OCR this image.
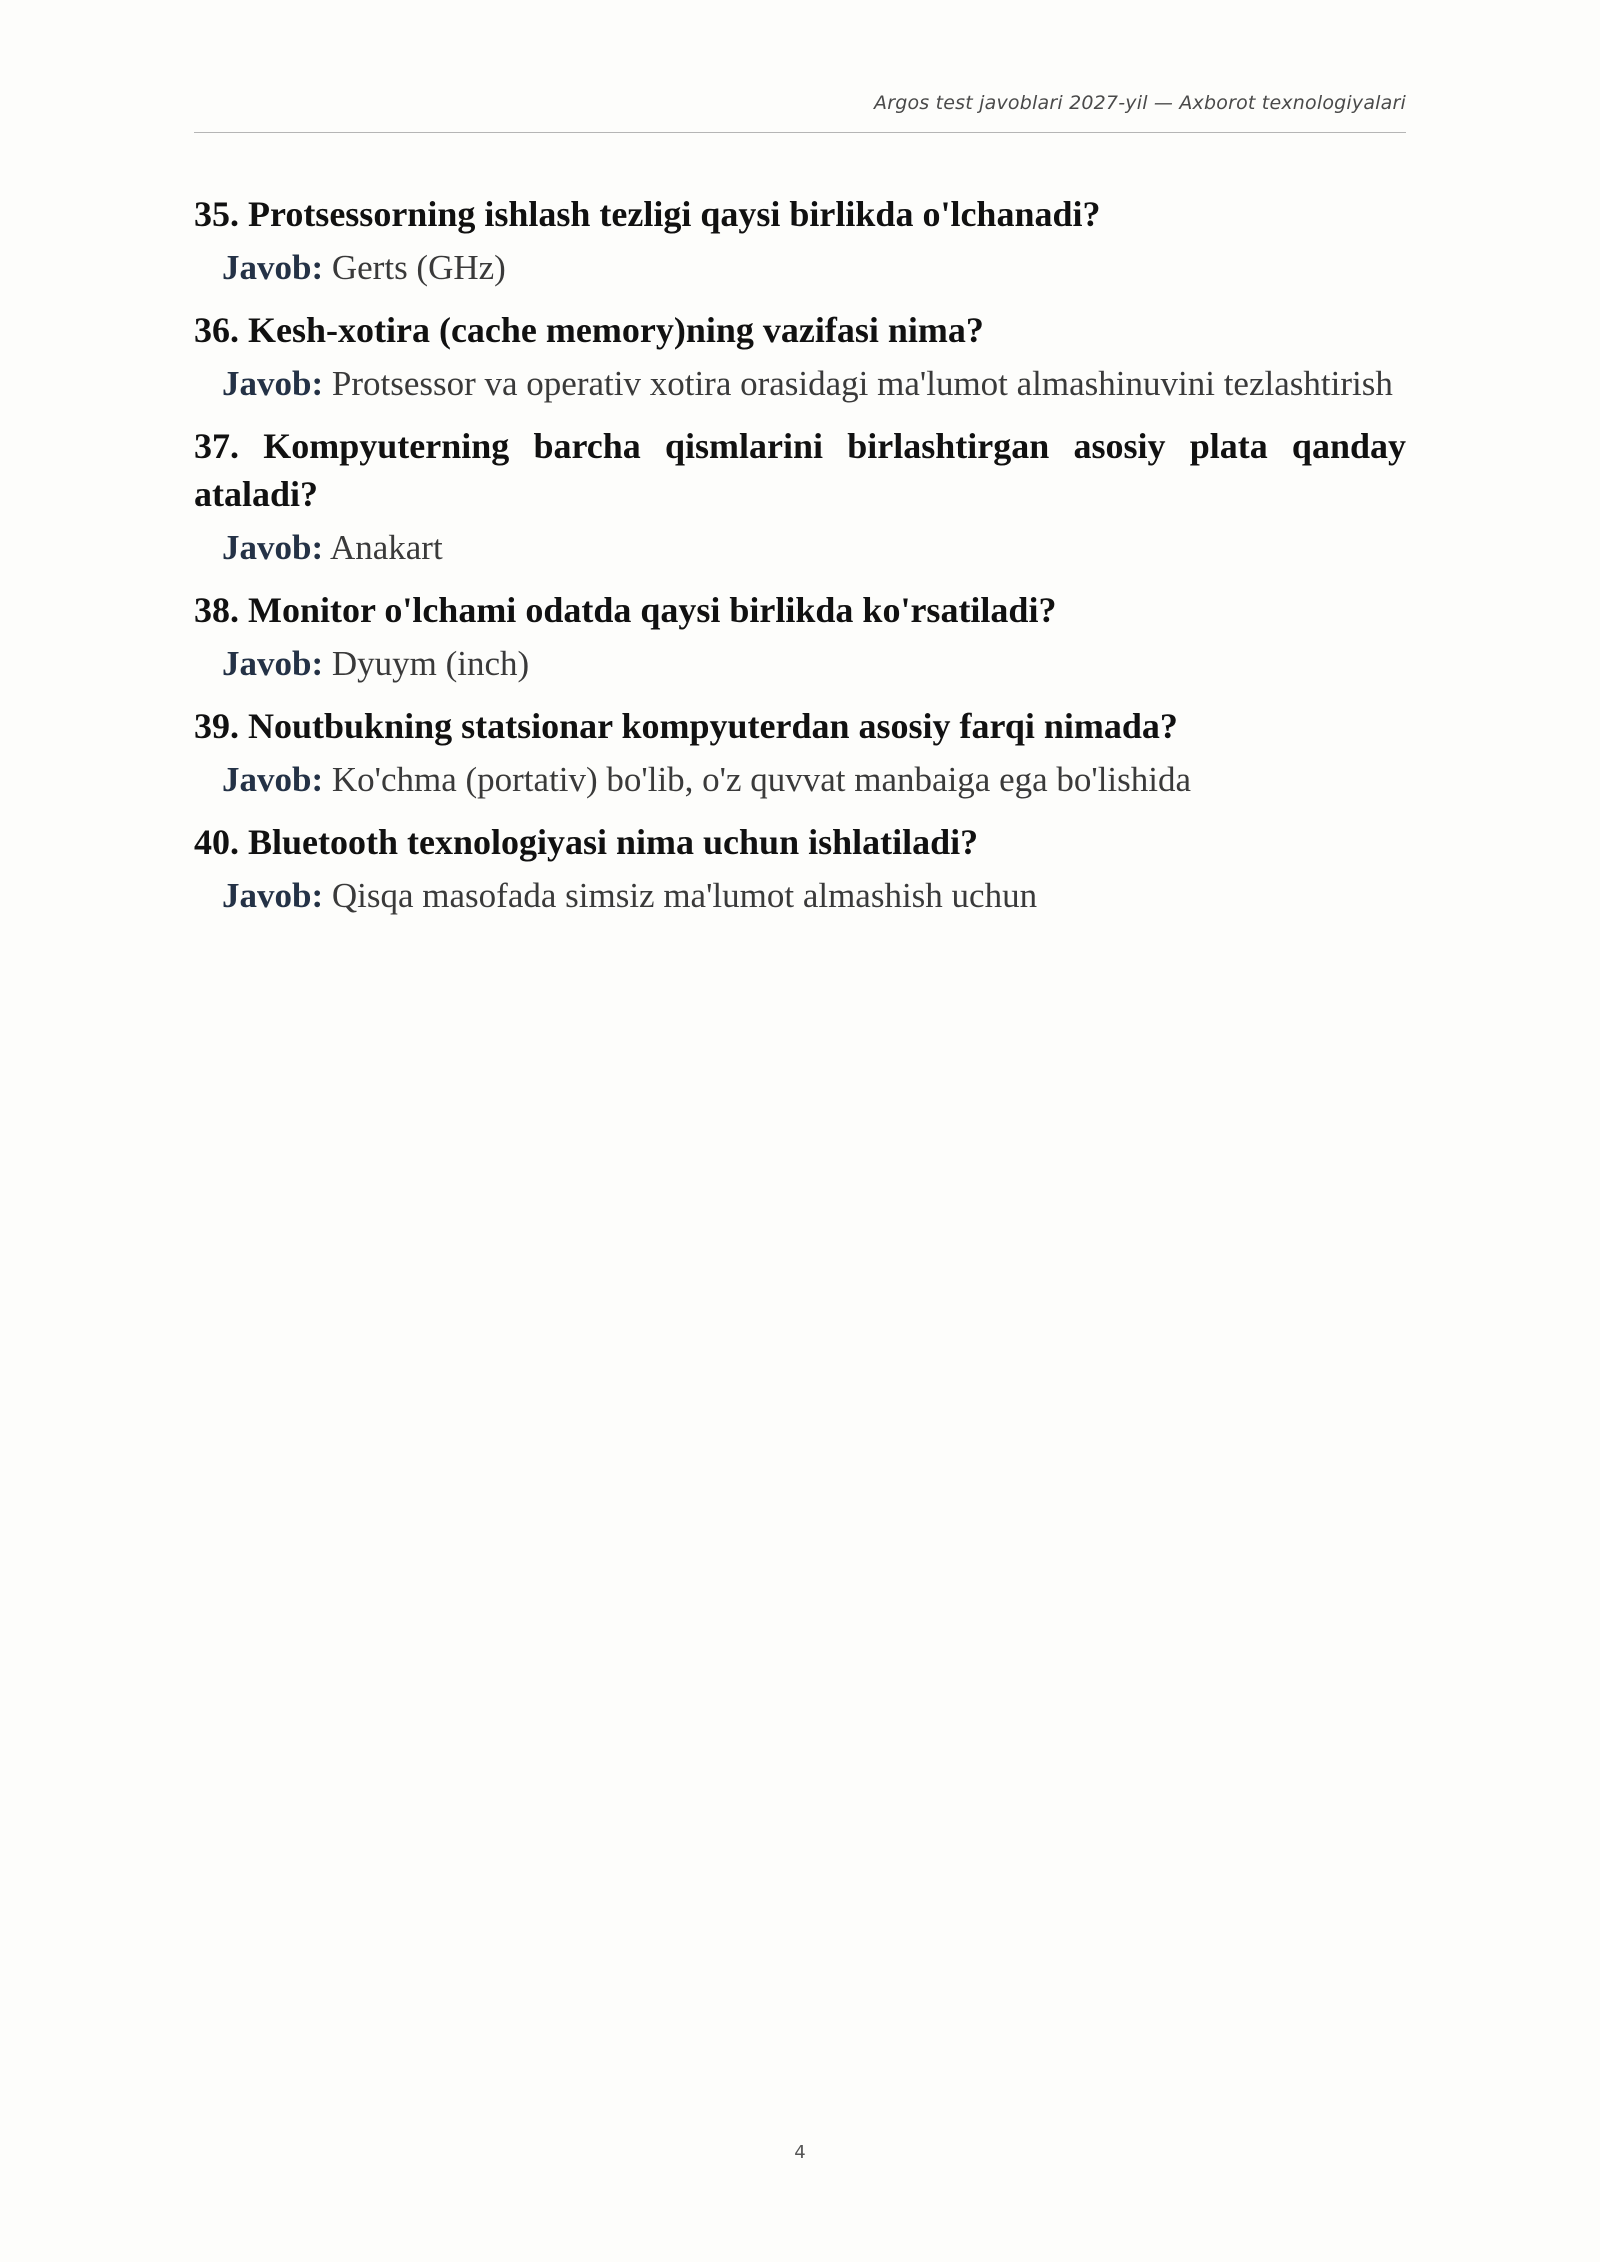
Argos test javoblari 2027-yil — Axborot texnologiyalari

35. Protsessorning ishlash tezligi qaysi birlikda o'lchanadi?

Javob: Gerts (GHz)

36. Kesh-xotira (cache memory)ning vazifasi nima?

Javob: Protsessor va operativ xotira orasidagi ma'lumot almashinuvini tezlashtirish

37. Kompyuterning barcha qismlarini birlashtirgan asosiy plata qanday ataladi?

Javob: Anakart

38. Monitor o'lchami odatda qaysi birlikda ko'rsatiladi?

Javob: Dyuym (inch)

39. Noutbukning statsionar kompyuterdan asosiy farqi nimada?

Javob: Ko'chma (portativ) bo'lib, o'z quvvat manbaiga ega bo'lishida

40. Bluetooth texnologiyasi nima uchun ishlatiladi?

Javob: Qisqa masofada simsiz ma'lumot almashish uchun

4
